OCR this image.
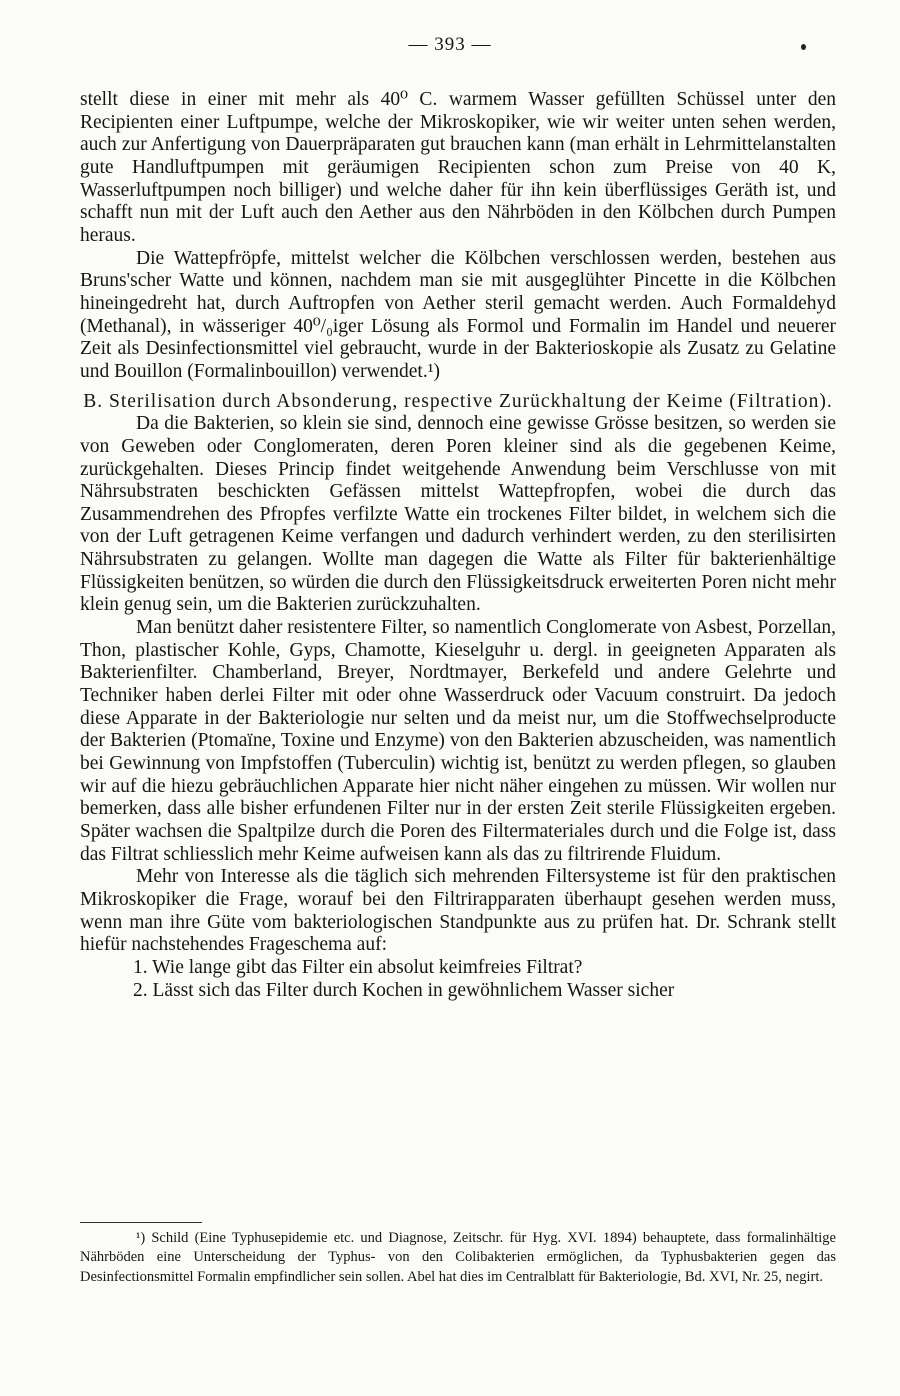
— 393 —

stellt diese in einer mit mehr als 40⁰ C. warmem Wasser gefüllten Schüssel unter den Recipienten einer Luftpumpe, welche der Mikroskopiker, wie wir weiter unten sehen werden, auch zur Anfertigung von Dauerpräparaten gut brauchen kann (man erhält in Lehrmittelanstalten gute Handluftpumpen mit geräumigen Recipienten schon zum Preise von 40 K, Wasserluftpumpen noch billiger) und welche daher für ihn kein überflüssiges Geräth ist, und schafft nun mit der Luft auch den Aether aus den Nährböden in den Kölbchen durch Pumpen heraus.

Die Wattepfröpfe, mittelst welcher die Kölbchen verschlossen werden, bestehen aus Bruns'scher Watte und können, nachdem man sie mit ausgeglühter Pincette in die Kölbchen hineingedreht hat, durch Auftropfen von Aether steril gemacht werden. Auch Formaldehyd (Methanal), in wässeriger 40⁰/₀iger Lösung als Formol und Formalin im Handel und neuerer Zeit als Desinfectionsmittel viel gebraucht, wurde in der Bakterioskopie als Zusatz zu Gelatine und Bouillon (Formalinbouillon) verwendet.¹)

B. Sterilisation durch Absonderung, respective Zurückhaltung der Keime (Filtration).

Da die Bakterien, so klein sie sind, dennoch eine gewisse Grösse besitzen, so werden sie von Geweben oder Conglomeraten, deren Poren kleiner sind als die gegebenen Keime, zurückgehalten. Dieses Princip findet weitgehende Anwendung beim Verschlusse von mit Nährsubstraten beschickten Gefässen mittelst Wattepfropfen, wobei die durch das Zusammendrehen des Pfropfes verfilzte Watte ein trockenes Filter bildet, in welchem sich die von der Luft getragenen Keime verfangen und dadurch verhindert werden, zu den sterilisirten Nährsubstraten zu gelangen. Wollte man dagegen die Watte als Filter für bakterienhältige Flüssigkeiten benützen, so würden die durch den Flüssigkeitsdruck erweiterten Poren nicht mehr klein genug sein, um die Bakterien zurückzuhalten.

Man benützt daher resistentere Filter, so namentlich Conglomerate von Asbest, Porzellan, Thon, plastischer Kohle, Gyps, Chamotte, Kieselguhr u. dergl. in geeigneten Apparaten als Bakterienfilter. Chamberland, Breyer, Nordtmayer, Berkefeld und andere Gelehrte und Techniker haben derlei Filter mit oder ohne Wasserdruck oder Vacuum construirt. Da jedoch diese Apparate in der Bakteriologie nur selten und da meist nur, um die Stoffwechselproducte der Bakterien (Ptomaïne, Toxine und Enzyme) von den Bakterien abzuscheiden, was namentlich bei Gewinnung von Impfstoffen (Tuberculin) wichtig ist, benützt zu werden pflegen, so glauben wir auf die hiezu gebräuchlichen Apparate hier nicht näher eingehen zu müssen. Wir wollen nur bemerken, dass alle bisher erfundenen Filter nur in der ersten Zeit sterile Flüssigkeiten ergeben. Später wachsen die Spaltpilze durch die Poren des Filtermateriales durch und die Folge ist, dass das Filtrat schliesslich mehr Keime aufweisen kann als das zu filtrirende Fluidum.

Mehr von Interesse als die täglich sich mehrenden Filtersysteme ist für den praktischen Mikroskopiker die Frage, worauf bei den Filtrirapparaten überhaupt gesehen werden muss, wenn man ihre Güte vom bakteriologischen Standpunkte aus zu prüfen hat. Dr. Schrank stellt hiefür nachstehendes Frageschema auf:

1. Wie lange gibt das Filter ein absolut keimfreies Filtrat?

2. Lässt sich das Filter durch Kochen in gewöhnlichem Wasser sicher

¹) Schild (Eine Typhusepidemie etc. und Diagnose, Zeitschr. für Hyg. XVI. 1894) behauptete, dass formalinhältige Nährböden eine Unterscheidung der Typhus- von den Colibakterien ermöglichen, da Typhusbakterien gegen das Desinfectionsmittel Formalin empfindlicher sein sollen. Abel hat dies im Centralblatt für Bakteriologie, Bd. XVI, Nr. 25, negirt.
